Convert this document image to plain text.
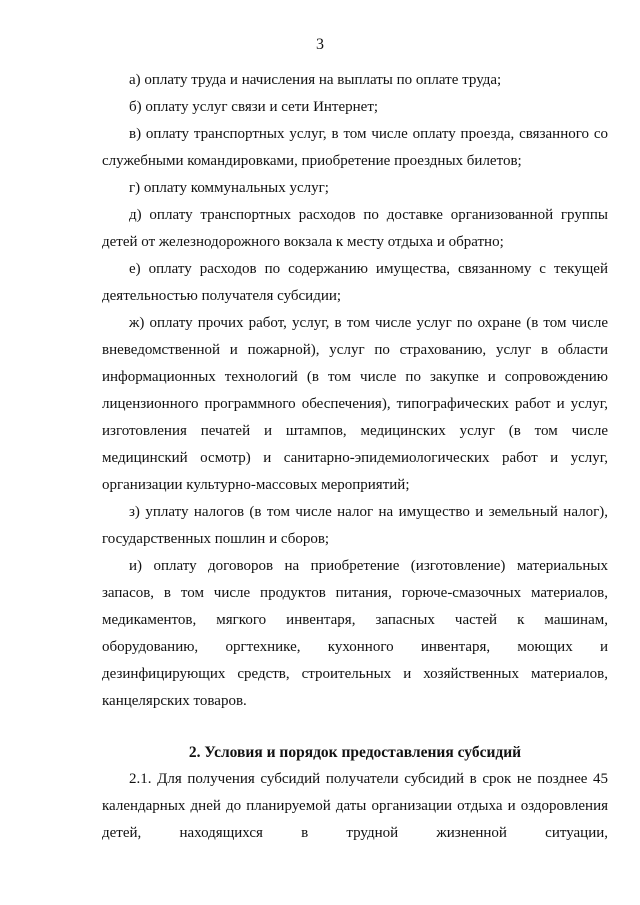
3

а) оплату труда и начисления на выплаты по оплате труда;

б) оплату услуг связи и сети Интернет;

в) оплату транспортных услуг, в том числе оплату проезда, связанного со служебными командировками, приобретение проездных билетов;

г) оплату коммунальных услуг;

д) оплату транспортных расходов по доставке организованной группы детей от железнодорожного вокзала к месту отдыха и обратно;

е) оплату расходов по содержанию имущества, связанному с текущей деятельностью получателя субсидии;

ж) оплату прочих работ, услуг, в том числе услуг по охране (в том числе вневедомственной и пожарной), услуг по страхованию, услуг в области информационных технологий (в том числе по закупке и сопровождению лицензионного программного обеспечения), типографических работ и услуг, изготовления печатей и штампов, медицинских услуг (в том числе медицинский осмотр) и санитарно-эпидемиологических работ и услуг, организации культурно-массовых мероприятий;

з) уплату налогов (в том числе налог на имущество и земельный налог), государственных пошлин и сборов;

и) оплату договоров на приобретение (изготовление) материальных запасов, в том числе продуктов питания, горюче-смазочных материалов, медикаментов, мягкого инвентаря, запасных частей к машинам, оборудованию, оргтехнике, кухонного инвентаря, моющих и дезинфицирующих средств, строительных и хозяйственных материалов, канцелярских товаров.

2. Условия и порядок предоставления субсидий

2.1. Для получения субсидий получатели субсидий в срок не позднее 45 календарных дней до планируемой даты организации отдыха и оздоровления детей, находящихся в трудной жизненной ситуации,
